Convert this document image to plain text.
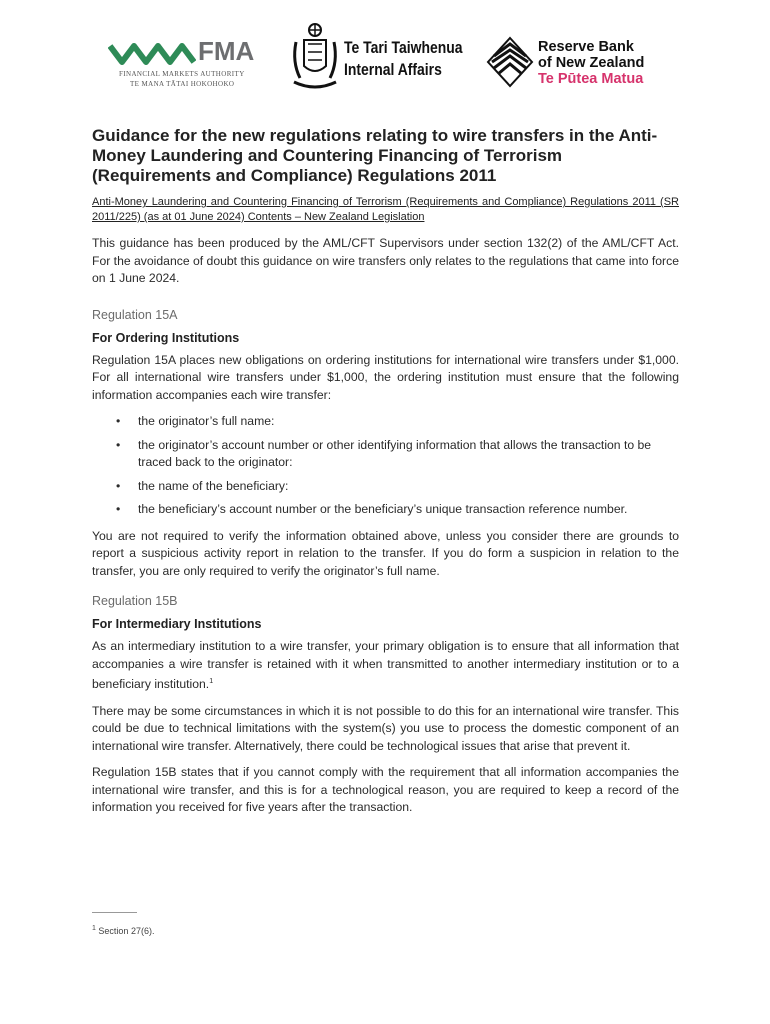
FMA
FINANCIAL MARKETS AUTHORITY
TE MANA TĀTAI HOKOHOKO
Te Tari Taiwhenua
Internal Affairs
Reserve Bank
of New Zealand
Te Pūtea Matua
Guidance for the new regulations relating to wire transfers in the Anti-Money Laundering and Countering Financing of Terrorism (Requirements and Compliance) Regulations 2011
Anti-Money Laundering and Countering Financing of Terrorism (Requirements and Compliance) Regulations 2011 (SR 2011/225) (as at 01 June 2024) Contents – New Zealand Legislation

This guidance has been produced by the AML/CFT Supervisors under section 132(2) of the AML/CFT Act. For the avoidance of doubt this guidance on wire transfers only relates to the regulations that came into force on 1 June 2024.

Regulation 15A
For Ordering Institutions

Regulation 15A places new obligations on ordering institutions for international wire transfers under $1,000. For all international wire transfers under $1,000, the ordering institution must ensure that the following information accompanies each wire transfer:

• the originator’s full name:
• the originator’s account number or other identifying information that allows the transaction to be traced back to the originator:
• the name of the beneficiary:
• the beneficiary’s account number or the beneficiary’s unique transaction reference number.

You are not required to verify the information obtained above, unless you consider there are grounds to report a suspicious activity report in relation to the transfer. If you do form a suspicion in relation to the transfer, you are only required to verify the originator’s full name.

Regulation 15B
For Intermediary Institutions

As an intermediary institution to a wire transfer, your primary obligation is to ensure that all information that accompanies a wire transfer is retained with it when transmitted to another intermediary institution or to a beneficiary institution.$^1$

There may be some circumstances in which it is not possible to do this for an international wire transfer. This could be due to technical limitations with the system(s) you use to process the domestic component of an international wire transfer. Alternatively, there could be technological issues that arise that prevent it.

Regulation 15B states that if you cannot comply with the requirement that all information accompanies the international wire transfer, and this is for a technological reason, you are required to keep a record of the information you received for five years after the transaction.

$^1$ Section 27(6).
